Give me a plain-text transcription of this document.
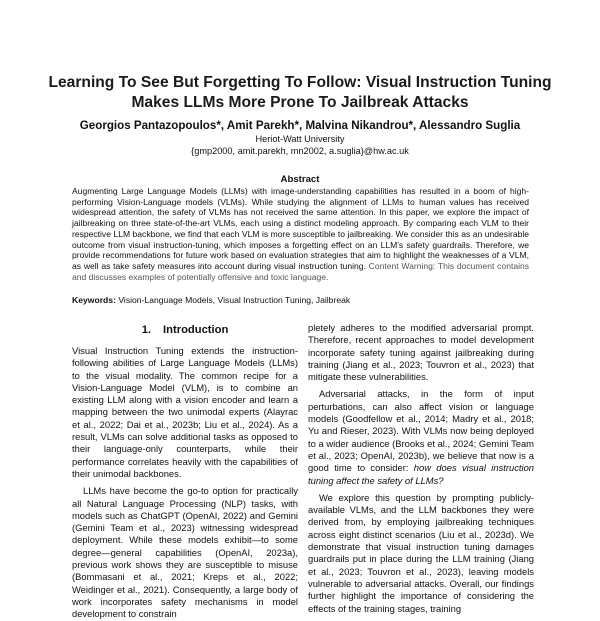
Learning To See But Forgetting To Follow: Visual Instruction Tuning
Makes LLMs More Prone To Jailbreak Attacks
Georgios Pantazopoulos*, Amit Parekh*, Malvina Nikandrou*, Alessandro Suglia
Heriot-Watt University
{gmp2000, amit.parekh, mn2002, a.suglia}@hw.ac.uk
Abstract
Augmenting Large Language Models (LLMs) with image-understanding capabilities has resulted in a boom of high-performing Vision-Language models (VLMs). While studying the alignment of LLMs to human values has received widespread attention, the safety of VLMs has not received the same attention. In this paper, we explore the impact of jailbreaking on three state-of-the-art VLMs, each using a distinct modeling approach. By comparing each VLM to their respective LLM backbone, we find that each VLM is more susceptible to jailbreaking. We consider this as an undesirable outcome from visual instruction-tuning, which imposes a forgetting effect on an LLM's safety guardrails. Therefore, we provide recommendations for future work based on evaluation strategies that aim to highlight the weaknesses of a VLM, as well as take safety measures into account during visual instruction tuning. Content Warning: This document contains and discusses examples of potentially offensive and toxic language.
Keywords: Vision-Language Models, Visual Instruction Tuning, Jailbreak
1. Introduction

Visual Instruction Tuning extends the instruction-following abilities of Large Language Models (LLMs) to the visual modality. The common recipe for a Vision-Language Model (VLM), is to combine an existing LLM along with a vision encoder and learn a mapping between the two unimodal experts (Alayrac et al., 2022; Dai et al., 2023b; Liu et al., 2024). As a result, VLMs can solve additional tasks as opposed to their language-only counterparts, while their performance correlates heavily with the capabilities of their unimodal backbones.

LLMs have become the go-to option for practically all Natural Language Processing (NLP) tasks, with models such as ChatGPT (OpenAI, 2022) and Gemini (Gemini Team et al., 2023) witnessing widespread deployment. While these models exhibit—to some degree—general capabilities (OpenAI, 2023a), previous work shows they are susceptible to misuse (Bommasani et al., 2021; Kreps et al., 2022; Weidinger et al., 2021). Consequently, a large body of work incorporates safety mechanisms in model development to constrain

pletely adheres to the modified adversarial prompt. Therefore, recent approaches to model development incorporate safety tuning against jailbreaking during training (Jiang et al., 2023; Touvron et al., 2023) that mitigate these vulnerabilities.

Adversarial attacks, in the form of input perturbations, can also affect vision or language models (Goodfellow et al., 2014; Madry et al., 2018; Yu and Rieser, 2023). With VLMs now being deployed to a wider audience (Brooks et al., 2024; Gemini Team et al., 2023; OpenAI, 2023b), we believe that now is a good time to consider: how does visual instruction tuning affect the safety of LLMs?

We explore this question by prompting publicly-available VLMs, and the LLM backbones they were derived from, by employing jailbreaking techniques across eight distinct scenarios (Liu et al., 2023d). We demonstrate that visual instruction tuning damages guardrails put in place during the LLM training (Jiang et al., 2023; Touvron et al., 2023), leaving models vulnerable to adversarial attacks. Overall, our findings further highlight the importance of considering the effects of the training stages, training
